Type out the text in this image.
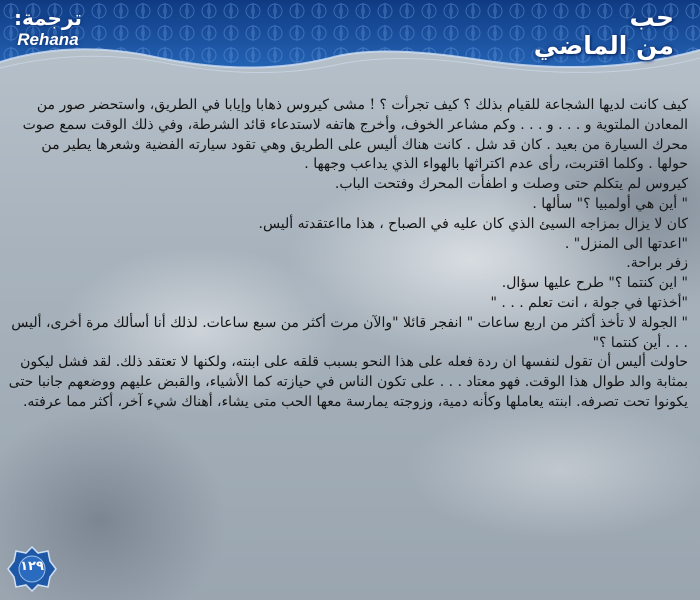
حب
من الماضي
ترجمة:
Rehana

كيف كانت لديها الشجاعة للقيام بذلك ؟ كيف تجرأت ؟ ! مشى كيروس ذهابا وإيابا في الطريق، واستحضر صور من المعادن الملتوية و . . . و . . . وكم مشاعر الخوف، وأخرج هاتفه لاستدعاء قائد الشرطة، وفي ذلك الوقت سمع صوت محرك السيارة من بعيد . كان قد شل . كانت هناك أليس على الطريق وهي تقود سيارته الفضية وشعرها يطير من حولها . وكلما اقتربت، رأى عدم اكتراثها بالهواء الذي يداعب وجهها .

كيروس لم يتكلم حتى وصلت و اطفأت المحرك وفتحت الباب.

" أين هي أولمبيا ؟" سألها .

كان لا يزال بمزاجه السيئ الذي كان عليه في الصباح ، هذا مااعتقدته أليس.

"اعدتها الى المنزل" .

زفر براحة.

" اين كنتما ؟" طرح عليها سؤال.

"أخذتها في جولة ، انت تعلم . . . "

" الجولة لا تأخذ أكثر من اربع ساعات " انفجر قائلا "والآن مرت أكثر من سبع ساعات. لذلك أنا أسألك مرة أخرى، أليس . . . أين كنتما ؟"

حاولت أليس أن تقول لنفسها ان ردة فعله على هذا النحو بسبب قلقه على ابنته، ولكنها لا تعتقد ذلك. لقد فشل ليكون بمثابة والد طوال هذا الوقت. فهو معتاد . . . على تكون الناس في حيازته كما الأشياء، والقبض عليهم ووضعهم جانبا حتى يكونوا تحت تصرفه. ابنته يعاملها وكأنه دمية، وزوجته يمارسة معها الحب متى يشاء، أهناك شيء آخر، أكثر مما عرفته.

١٢٩
